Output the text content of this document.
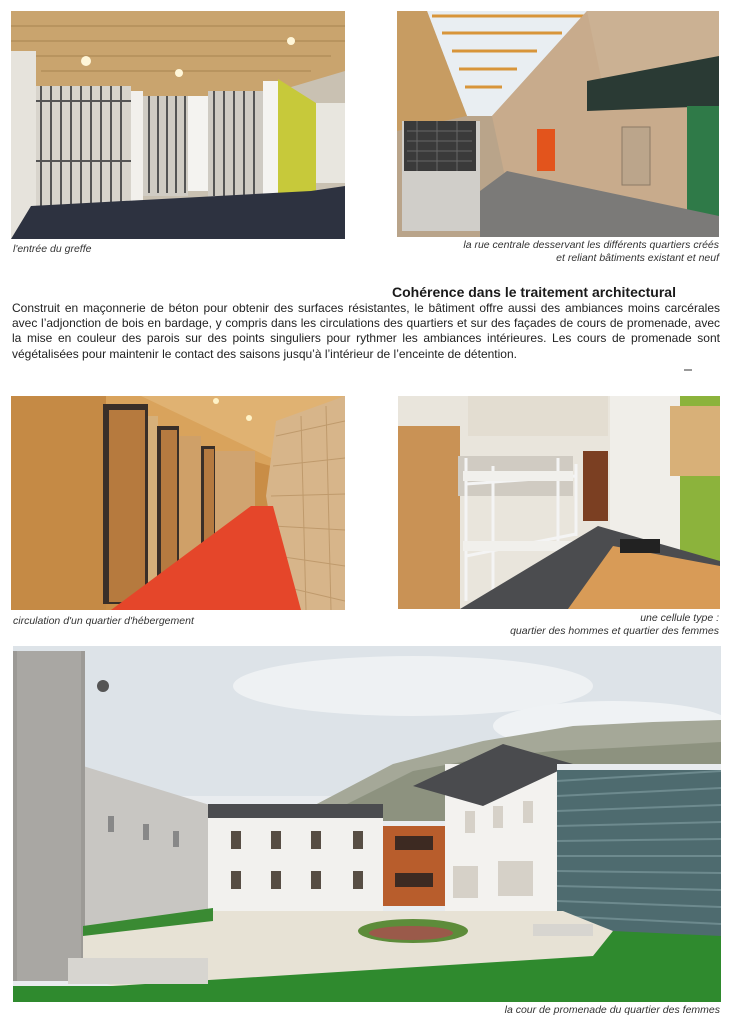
l'entrée du greffe	la rue centrale desservant les différents quartiers créés
et reliant bâtiments existant et neuf
Cohérence dans le traitement architectural
Construit en maçonnerie de béton pour obtenir des surfaces résistantes, le bâtiment offre aussi des ambiances moins carcérales avec l’adjonction de bois en bardage, y compris dans les circulations des quartiers et sur des façades de cours de promenade, avec la mise en couleur des parois sur des points singuliers pour rythmer les ambiances intérieures. Les cours de promenade sont végétalisées pour maintenir le contact des saisons jusqu’à l’intérieur de l’enceinte de détention.
circulation d'un quartier d'hébergement	une cellule type :
quartier des hommes et quartier des femmes
la cour de promenade du quartier des femmes
